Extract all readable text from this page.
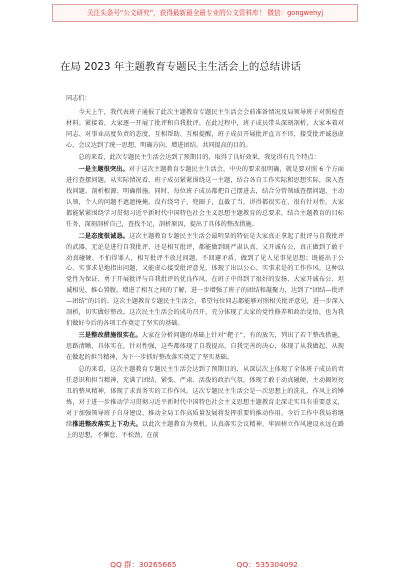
关注头条号“公文研究”，获得最新最全最专业的公文资料库！ 微信：gongwenyj
在局 2023 年主题教育专题民主生活会上的总结讲话

同志们：

今天上午，我代表班子通报了此次主题教育专题民主生活会会前准备情况及局领导班子对照检查材料。紧接着，大家逐一开展了批评和自我批评。在此过程中，班子成员带头深刻剖析，大家本着对同志、对事业高度负责的态度，互相帮助、互相提醒，班子成员开展批评直言不讳，接受批评诚恳虚心，会议达到了统一思想、明确方向、增进团结、共同提高的目的。

总的来看，此次专题民主生活会达到了预期目的，取得了良好效果，我觉得有几个特点：

一是主题很突出。对于这次主题教育专题民主生活会，中央的要求很明确，就是要对照 6 个方面进行查摆问题，从实际情况看，班子成员紧紧围绕这一主题，结合各自工作实际和思想实际，深入查找问题、剖析根源、明确措施。同时，每位班子成员都把自己摆进去，结合分管领域查摆问题，主动认领，个人的问题不遮遮掩掩，没有绕弯子、兜圈子，直截了当，讲得都很实在、很有针对性。大家都能紧紧围绕学习贯彻习近平新时代中国特色社会主义思想主题教育的总要求，结合主题教育的目标任务，深刻剖析自己，查找不足，剖析原因，提出了具体的整改措施。

二是态度很诚恳。这次主题教育专题民主生活会最明显的特征是大家真正拿起了批评与自我批评的武器，无论是进行自我批评，还是相互批评，都能做到既严肃认真、又开诚布公，真正做到了敢于动真碰硬、不怕得罪人，相互批评不放过问题、不回避矛盾，做到了见人见事见思想；既能出于公心、实事求是地指出问题，又能虚心接受批评意见，体现了出以公心、实事求是的工作作风。这种以党性为保证、勇于开展批评与自我批评的优良作风，在班子中得到了很好的发扬，大家开诚布公、坦诚相见、推心置腹，增进了相互之间的了解，进一步增强了班子的团结和凝聚力，达到了“团结—批评—团结”的目的。这次主题教育专题民主生活会，希望每位同志都能够对照相关批评意见，进一步深入剖析，切实做好整改。这次民主生活会的成功召开，充分体现了大家的党性修养和政治觉悟，也为我们做好今后的各项工作奠定了坚实的基础。

三是整改措施很实在。大家在分析问题的基础上针对“靶子”，有的放矢，列出了若干整改措施，思路清晰、具体实在，针对性强，这些都体现了自我提高、自我完善的决心，体现了从我做起、从现在做起的担当精神，为下一步抓好整改落实奠定了坚实基础。

总的来看，这次主题教育专题民主生活会达到了预期目的，从深层次上体现了全体班子成员的责任意识和担当精神，充满了团结、紧张、严肃、活泼的政治气氛，体现了敢于动真碰硬、主动揭短亮丑的整风精神，体现了求真务实的工作作风。这次专题民主生活会是一次思想上的洗礼、作风上的锤炼，对于进一步推动学习贯彻习近平新时代中国特色社会主义思想主题教育走深走实具有重要意义，对于加强领导班子自身建设、推动全局工作高质量发展将发挥重要的推动作用。今后工作中我局将继续推进整改落实上下功夫。以此次主题教育为契机，认真落实会议精神，牢固树立作风建设永远在路上的思想，不懈怠、不松劲，在前

QQ 群：30265665	QQ：535304092
